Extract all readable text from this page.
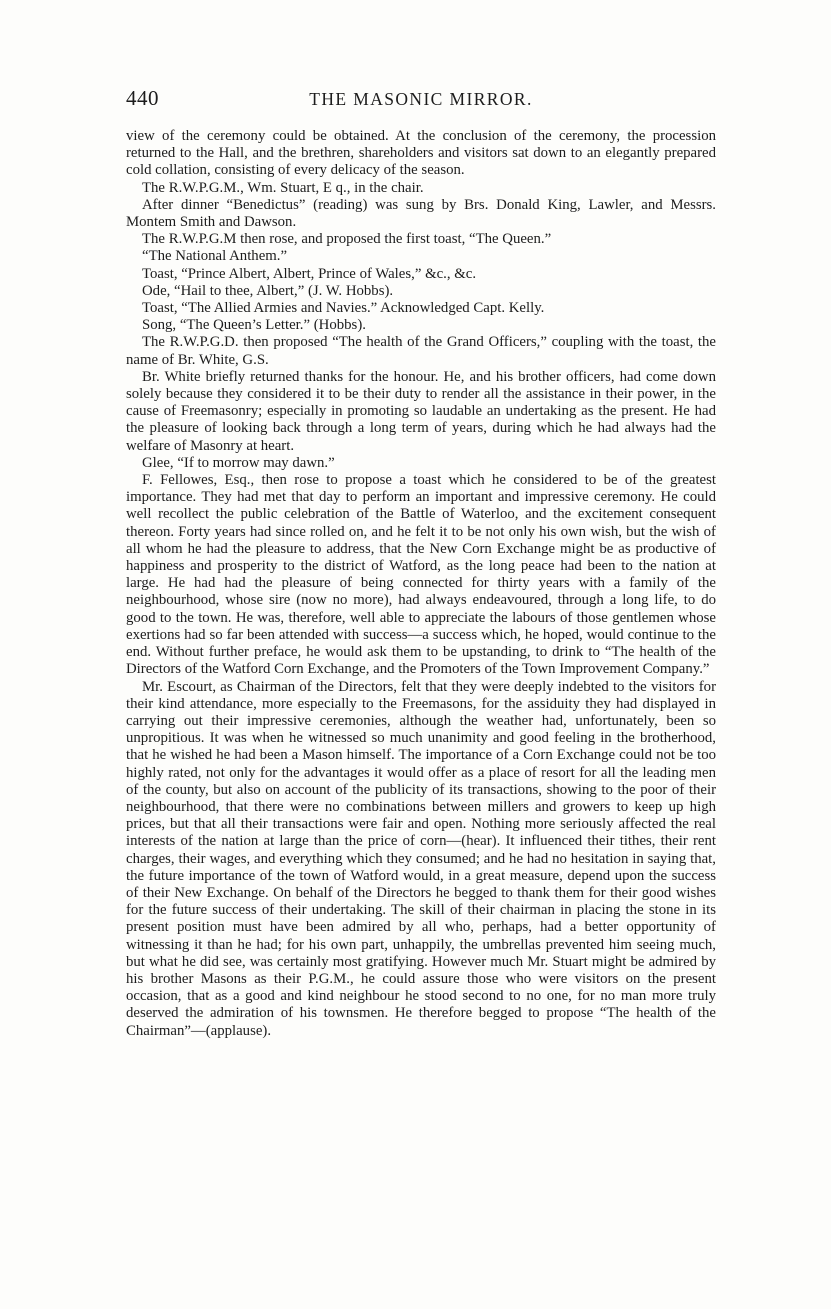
440	THE MASONIC MIRROR.

view of the ceremony could be obtained. At the conclusion of the ceremony, the procession returned to the Hall, and the brethren, shareholders and visitors sat down to an elegantly prepared cold collation, consisting of every delicacy of the season.

The R.W.P.G.M., Wm. Stuart, E q., in the chair.

After dinner “Benedictus” (reading) was sung by Brs. Donald King, Lawler, and Messrs. Montem Smith and Dawson.

The R.W.P.G.M then rose, and proposed the first toast, “The Queen.”

“The National Anthem.”

Toast, “Prince Albert, Albert, Prince of Wales,” &c., &c.

Ode, “Hail to thee, Albert,” (J. W. Hobbs).

Toast, “The Allied Armies and Navies.” Acknowledged Capt. Kelly.

Song, “The Queen’s Letter.” (Hobbs).

The R.W.P.G.D. then proposed “The health of the Grand Officers,” coupling with the toast, the name of Br. White, G.S.

Br. White briefly returned thanks for the honour. He, and his brother officers, had come down solely because they considered it to be their duty to render all the assistance in their power, in the cause of Freemasonry; especially in promoting so laudable an undertaking as the present. He had the pleasure of looking back through a long term of years, during which he had always had the welfare of Masonry at heart.

Glee, “If to morrow may dawn.”

F. Fellowes, Esq., then rose to propose a toast which he considered to be of the greatest importance. They had met that day to perform an important and impressive ceremony. He could well recollect the public celebration of the Battle of Waterloo, and the excitement consequent thereon. Forty years had since rolled on, and he felt it to be not only his own wish, but the wish of all whom he had the pleasure to address, that the New Corn Exchange might be as productive of happiness and prosperity to the district of Watford, as the long peace had been to the nation at large. He had had the pleasure of being connected for thirty years with a family of the neighbourhood, whose sire (now no more), had always endeavoured, through a long life, to do good to the town. He was, therefore, well able to appreciate the labours of those gentlemen whose exertions had so far been attended with success—a success which, he hoped, would continue to the end. Without further preface, he would ask them to be upstanding, to drink to “The health of the Directors of the Watford Corn Exchange, and the Promoters of the Town Improvement Company.”

Mr. Escourt, as Chairman of the Directors, felt that they were deeply indebted to the visitors for their kind attendance, more especially to the Freemasons, for the assiduity they had displayed in carrying out their impressive ceremonies, although the weather had, unfortunately, been so unpropitious. It was when he witnessed so much unanimity and good feeling in the brotherhood, that he wished he had been a Mason himself. The importance of a Corn Exchange could not be too highly rated, not only for the advantages it would offer as a place of resort for all the leading men of the county, but also on account of the publicity of its transactions, showing to the poor of their neighbourhood, that there were no combinations between millers and growers to keep up high prices, but that all their transactions were fair and open. Nothing more seriously affected the real interests of the nation at large than the price of corn—(hear). It influenced their tithes, their rent charges, their wages, and everything which they consumed; and he had no hesitation in saying that, the future importance of the town of Watford would, in a great measure, depend upon the success of their New Exchange. On behalf of the Directors he begged to thank them for their good wishes for the future success of their undertaking. The skill of their chairman in placing the stone in its present position must have been admired by all who, perhaps, had a better opportunity of witnessing it than he had; for his own part, unhappily, the umbrellas prevented him seeing much, but what he did see, was certainly most gratifying. However much Mr. Stuart might be admired by his brother Masons as their P.G.M., he could assure those who were visitors on the present occasion, that as a good and kind neighbour he stood second to no one, for no man more truly deserved the admiration of his townsmen. He therefore begged to propose “The health of the Chairman”—(applause).
